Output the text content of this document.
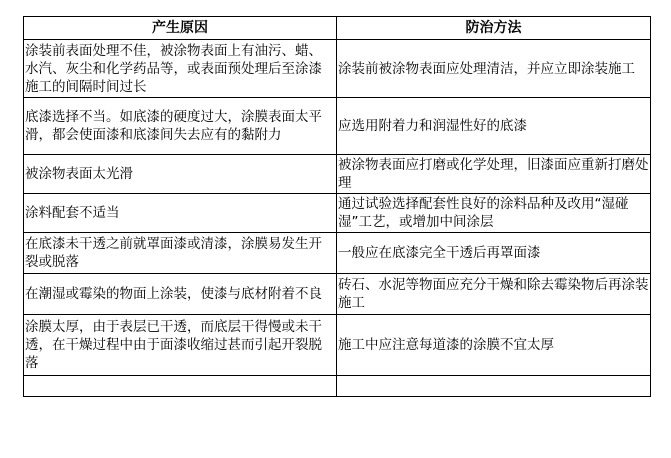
产生原因	防治方法
涂装前表面处理不佳，被涂物表面上有油污、蜡、水汽、灰尘和化学药品等，或表面预处理后至涂漆施工的间隔时间过长	涂装前被涂物表面应处理清洁，并应立即涂装施工
底漆选择不当。如底漆的硬度过大，涂膜表面太平滑，都会使面漆和底漆间失去应有的黏附力	应选用附着力和润湿性好的底漆
被涂物表面太光滑	被涂物表面应打磨或化学处理，旧漆面应重新打磨处理
涂料配套不适当	通过试验选择配套性良好的涂料品种及改用“湿碰湿”工艺，或增加中间涂层
在底漆未干透之前就罩面漆或清漆，涂膜易发生开裂或脱落	一般应在底漆完全干透后再罩面漆
在潮湿或霉染的物面上涂装，使漆与底材附着不良	砖石、水泥等物面应充分干燥和除去霉染物后再涂装施工
涂膜太厚，由于表层已干透，而底层干得慢或未干透，在干燥过程中由于面漆收缩过甚而引起开裂脱落	施工中应注意每道漆的涂膜不宜太厚
